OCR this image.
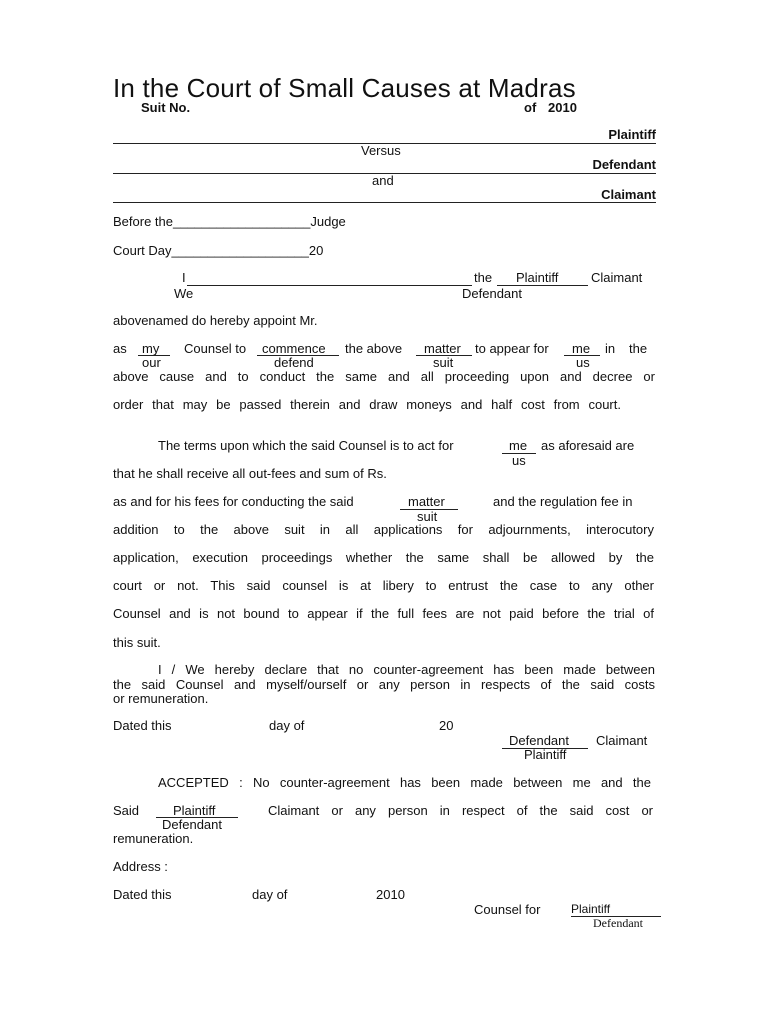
In the Court of Small Causes at Madras
Suit No.	of 2010
Plaintiff
Versus
Defendant
and
Claimant
Before the___________________Judge
Court Day___________________20
I	the Plaintiff	Claimant
We	Defendant
abovenamed do hereby appoint Mr.
as my
our
Counsel to commence
defend
the above matter
suit
to appear for me
us
in the
above cause and to conduct the same and all proceeding upon and decree or
order that may be passed therein and draw moneys and half cost from court.
The terms upon which the said Counsel is to act for	me
us
as aforesaid are
that he shall receive all out-fees and sum of Rs.
as and for his fees for conducting the said	matter
suit
and the regulation fee in
addition to the above suit in all applications for adjournments, interocutory
application, execution proceedings whether the same shall be allowed by the
court or not. This said counsel is at libery to entrust the case to any other
Counsel and is not bound to appear if the full fees are not paid before the trial of
this suit.
I / We hereby declare that no counter-agreement has been made between
the said Counsel and myself/ourself or any person in respects of the said costs
or remuneration.
Dated this	day of	20
Defendant Claimant
Plaintiff
ACCEPTED : No counter-agreement has been made between me and the
Said	Plaintiff
Defendant
Claimant or any person in respect of the said cost or
remuneration.
Address :
Dated this	day of	2010
Counsel for	Plaintiff
Defendant
